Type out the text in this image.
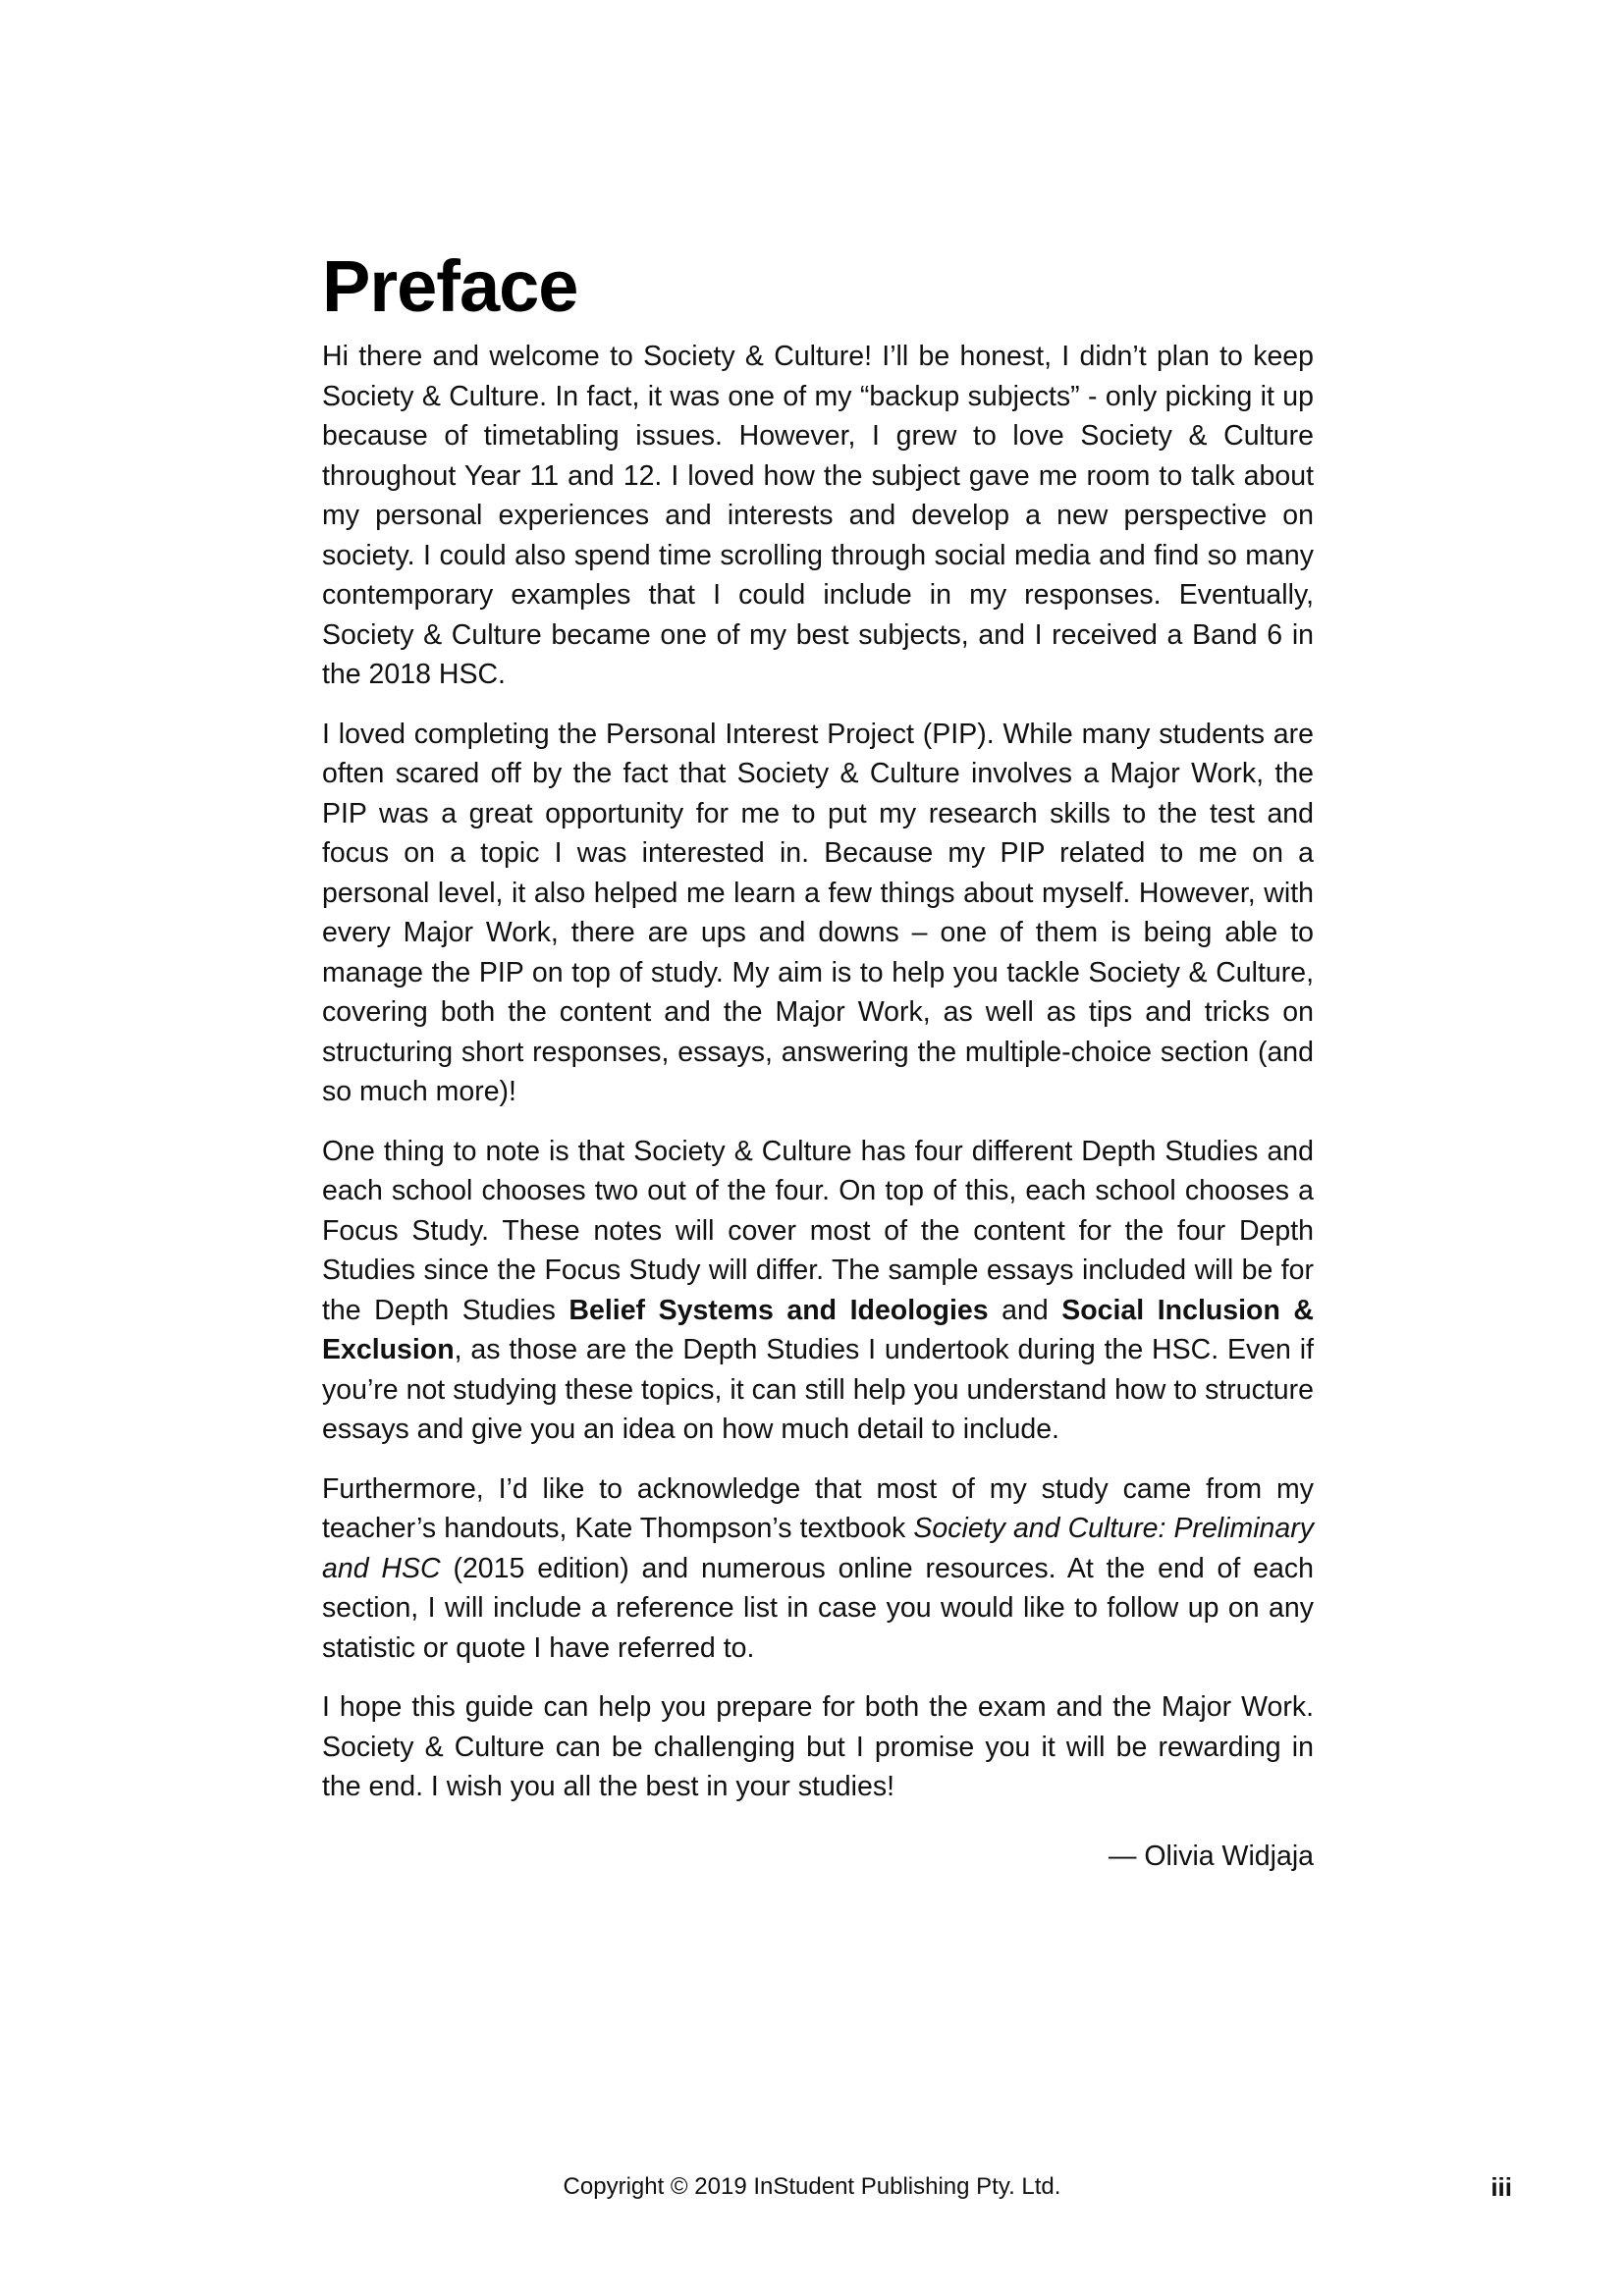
Preface

Hi there and welcome to Society & Culture! I’ll be honest, I didn’t plan to keep Society & Culture. In fact, it was one of my “backup subjects” - only picking it up because of timetabling issues. However, I grew to love Society & Culture throughout Year 11 and 12. I loved how the subject gave me room to talk about my personal experiences and interests and develop a new perspective on society. I could also spend time scrolling through social media and find so many contemporary examples that I could include in my responses. Eventually, Society & Culture became one of my best subjects, and I received a Band 6 in the 2018 HSC.

I loved completing the Personal Interest Project (PIP). While many students are often scared off by the fact that Society & Culture involves a Major Work, the PIP was a great opportunity for me to put my research skills to the test and focus on a topic I was interested in. Because my PIP related to me on a personal level, it also helped me learn a few things about myself. However, with every Major Work, there are ups and downs – one of them is being able to manage the PIP on top of study. My aim is to help you tackle Society & Culture, covering both the content and the Major Work, as well as tips and tricks on structuring short responses, essays, answering the multiple-choice section (and so much more)!

One thing to note is that Society & Culture has four different Depth Studies and each school chooses two out of the four. On top of this, each school chooses a Focus Study. These notes will cover most of the content for the four Depth Studies since the Focus Study will differ. The sample essays included will be for the Depth Studies Belief Systems and Ideologies and Social Inclusion & Exclusion, as those are the Depth Studies I undertook during the HSC. Even if you’re not studying these topics, it can still help you understand how to structure essays and give you an idea on how much detail to include.

Furthermore, I’d like to acknowledge that most of my study came from my teacher’s handouts, Kate Thompson’s textbook Society and Culture: Preliminary and HSC (2015 edition) and numerous online resources. At the end of each section, I will include a reference list in case you would like to follow up on any statistic or quote I have referred to.

I hope this guide can help you prepare for both the exam and the Major Work. Society & Culture can be challenging but I promise you it will be rewarding in the end. I wish you all the best in your studies!

— Olivia Widjaja
Copyright © 2019 InStudent Publishing Pty. Ltd.	iii
